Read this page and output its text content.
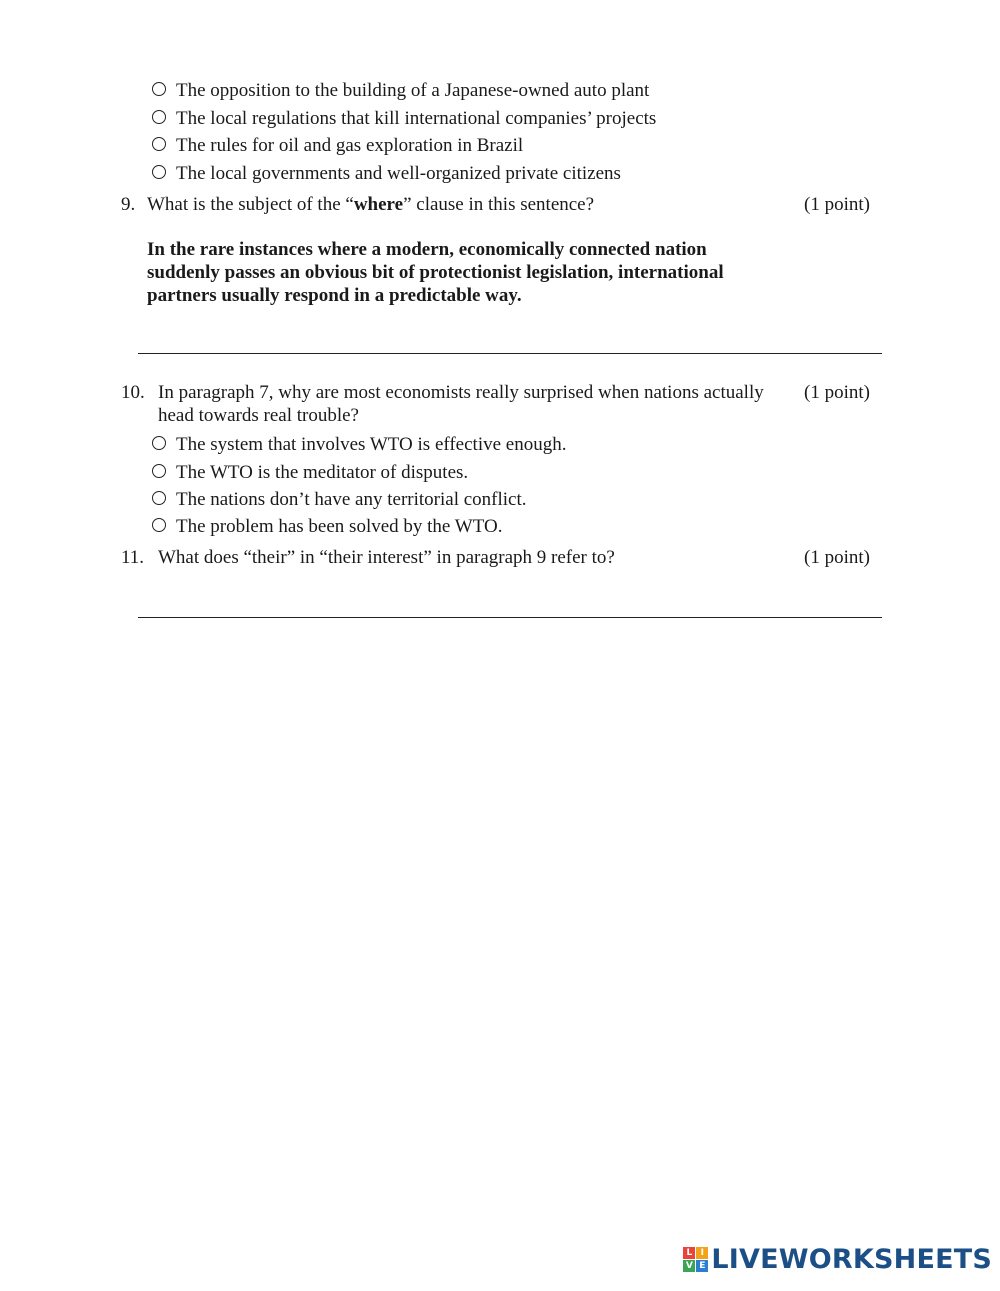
The opposition to the building of a Japanese-owned auto plant
The local regulations that kill international companies’ projects
The rules for oil and gas exploration in Brazil
The local governments and well-organized private citizens
9. What is the subject of the “where” clause in this sentence?	(1 point)
In the rare instances where a modern, economically connected nation
suddenly passes an obvious bit of protectionist legislation, international
partners usually respond in a predictable way.
10. In paragraph 7, why are most economists really surprised when nations actually
head towards real trouble?
(1 point)
The system that involves WTO is effective enough.
The WTO is the meditator of disputes.
The nations don’t have any territorial conflict.
The problem has been solved by the WTO.
11. What does “their” in “their interest” in paragraph 9 refer to?	(1 point)
L I
V E LIVEWORKSHEETS
